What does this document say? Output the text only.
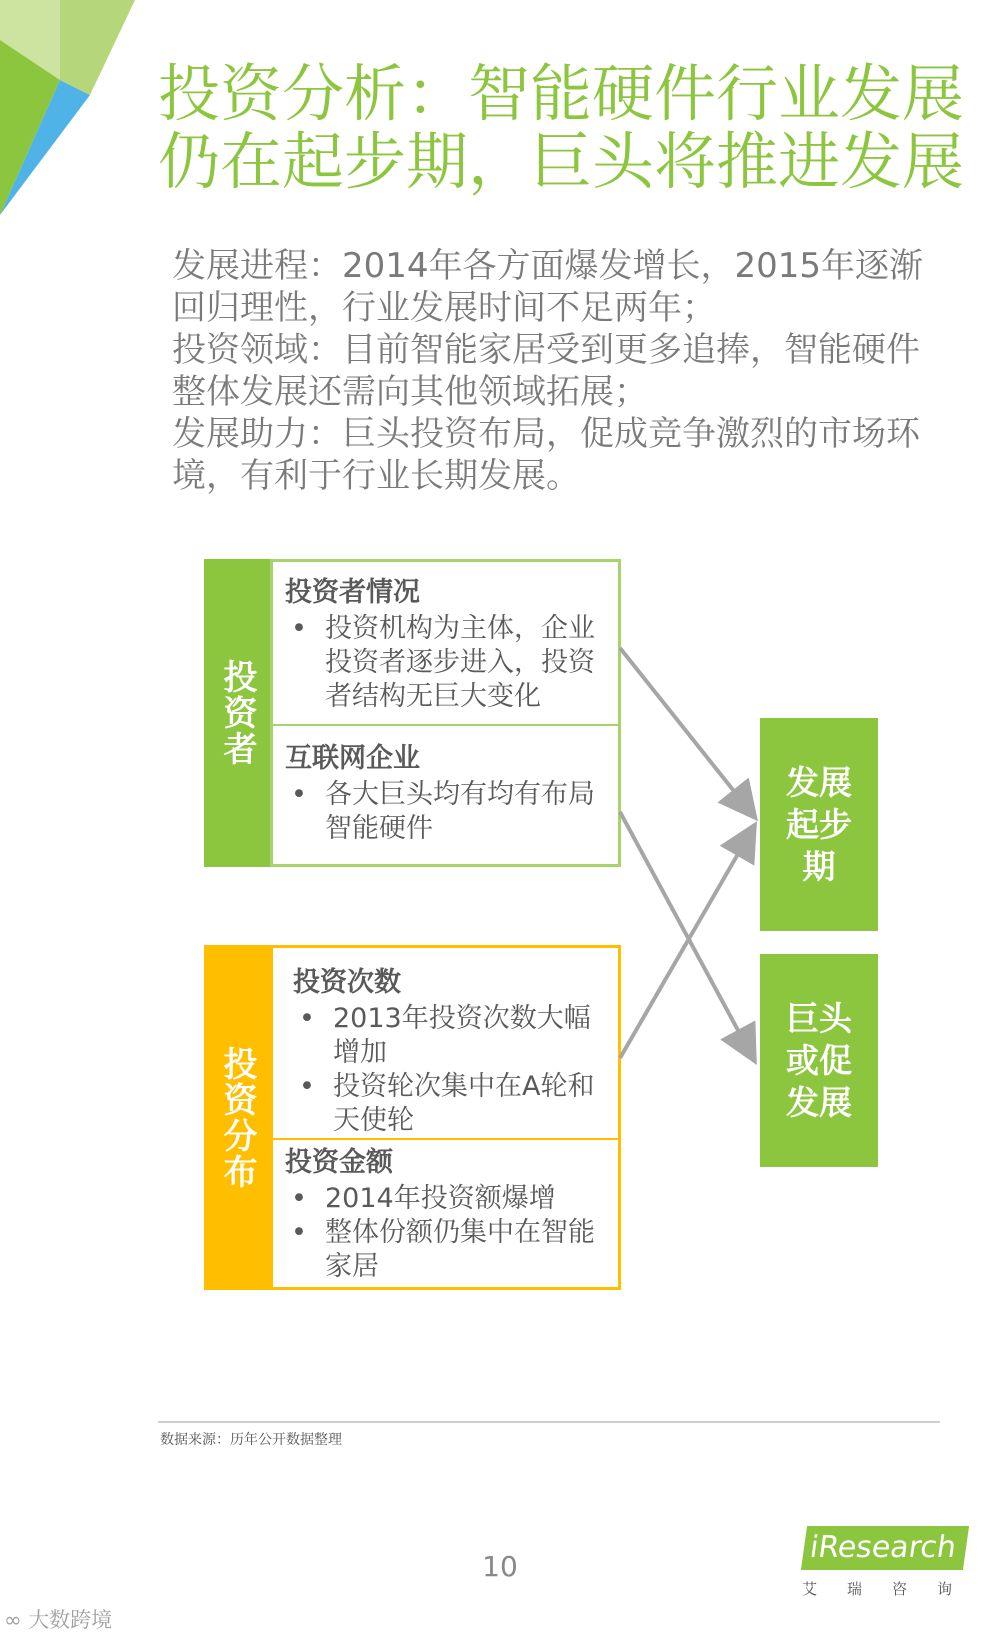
投资分析：智能硬件行业发展
仍在起步期，巨头将推进发展

发展进程：2014年各方面爆发增长，2015年逐渐回归理性，行业发展时间不足两年；

投资领域：目前智能家居受到更多追捧，智能硬件整体发展还需向其他领域拓展；

发展助力：巨头投资布局，促成竞争激烈的市场环境，有利于行业长期发展。

投资者
投资者情况
• 投资机构为主体，企业投资者逐步进入，投资者结构无巨大变化
互联网企业
• 各大巨头均有均有布局智能硬件
投资分布
投资次数
• 2013年投资次数大幅增加
• 投资轮次集中在A轮和天使轮
投资金额
• 2014年投资额爆增
• 整体份额仍集中在智能家居
发展起步期
巨头或促发展
数据来源：历年公开数据整理
10
iResearch
艾 瑞 咨 询
∞ 大数跨境
